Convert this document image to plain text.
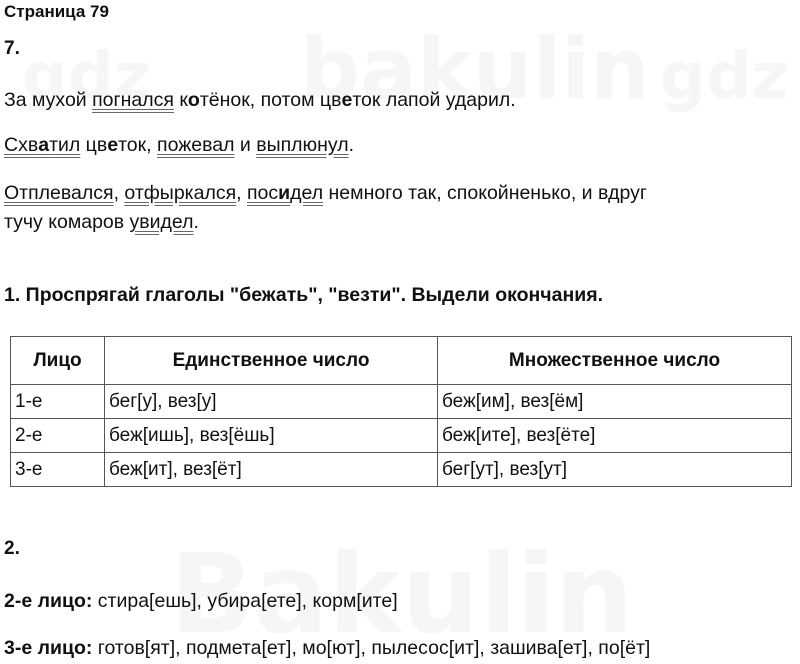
Страница 79
7.
За мухой погнался котёнок, потом цветок лапой ударил.
Схватил цветок, пожевал и выплюнул.
Отплевался, отфыркался, посидел немного так, спокойненько, и вдруг
тучу комаров увидел.
1. Проспрягай глаголы "бежать", "везти". Выдели окончания.
Лицо	Единственное число	Множественное число
1-е	бег[у], вез[у]	беж[им], вез[ём]
2-е	беж[ишь], вез[ёшь]	беж[ите], вез[ёте]
3-е	беж[ит], вез[ёт]	бег[ут], вез[ут]
2.
2-е лицо: стира[ешь], убира[ете], корм[ите]
3-е лицо: готов[ят], подмета[ет], мо[ют], пылесос[ит], зашива[ет], по[ёт]
